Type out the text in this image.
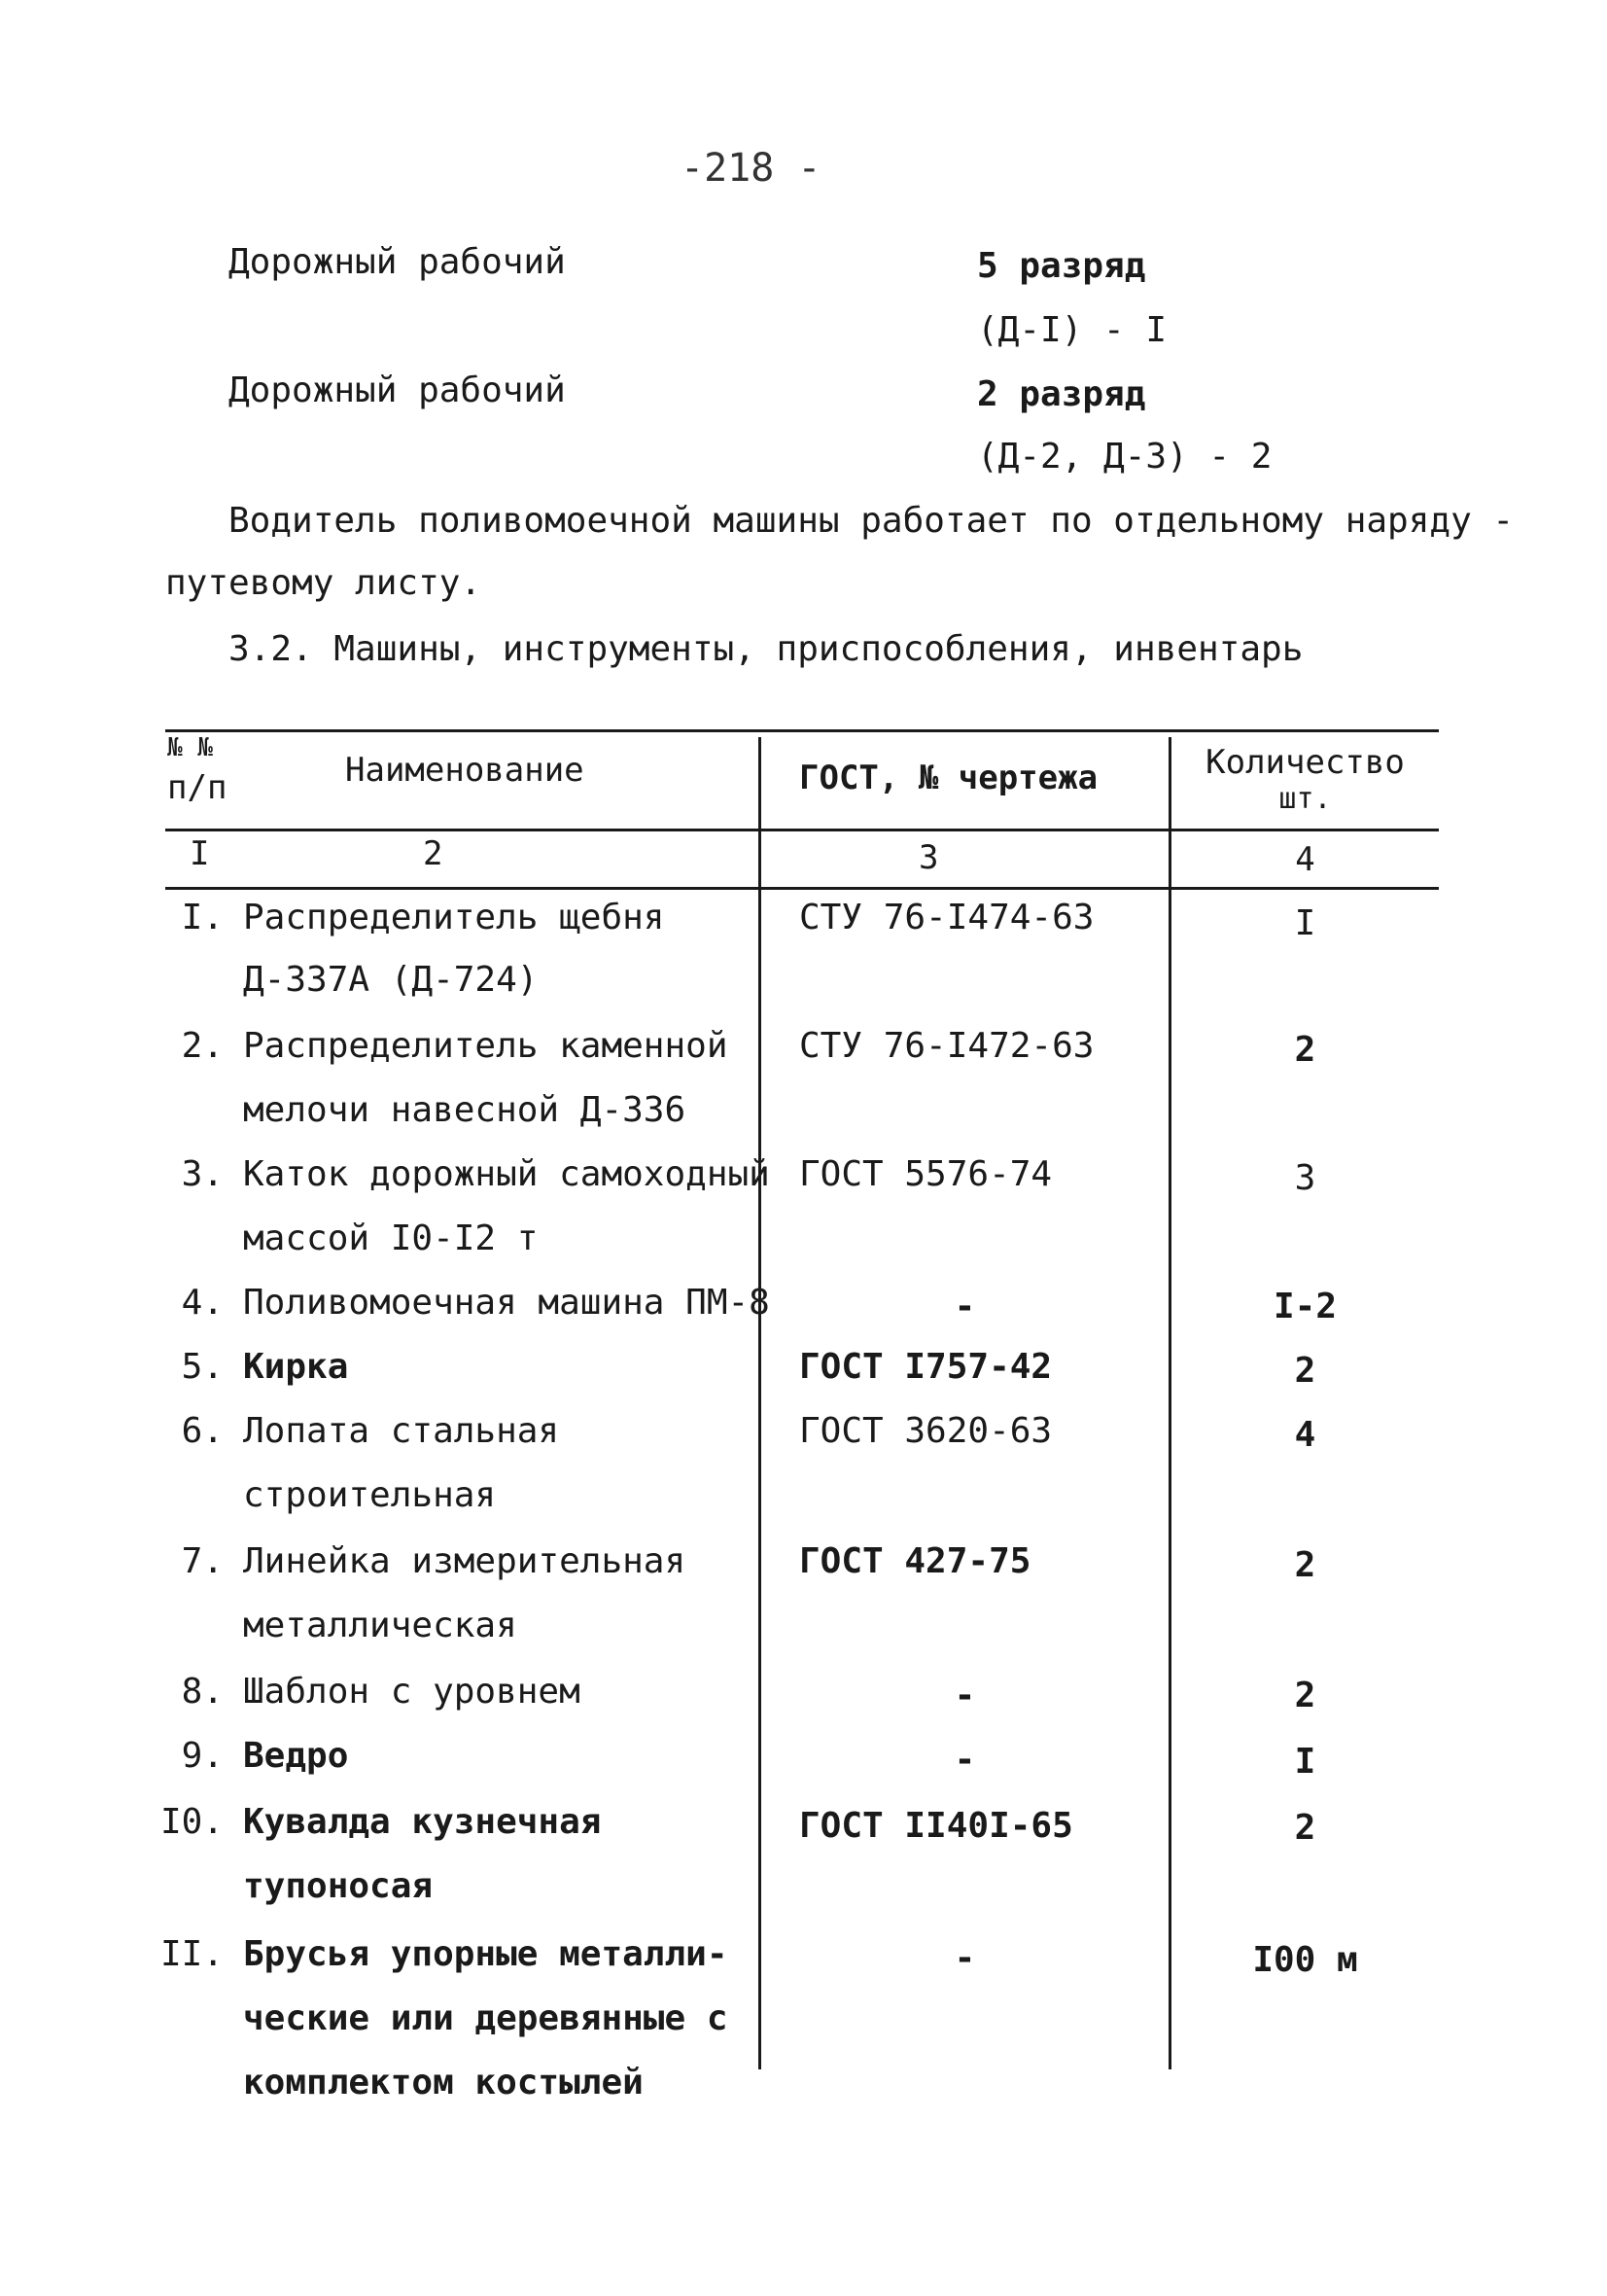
-218 -
Дорожный рабочий	5 разряд
(Д-I) - I
Дорожный рабочий	2 разряд
(Д-2, Д-3) - 2
Водитель поливомоечной машины работает по отдельному наряду -
путевому листу.
3.2. Машины, инструменты, приспособления, инвентарь
№ №
п/п	Наименование	ГОСТ, № чертежа	Количество
шт.
I	2	3	4
I. Распределитель щебня
Д-337А (Д-724)
СТУ 76-I474-63	I
2. Распределитель каменной
мелочи навесной Д-336
СТУ 76-I472-63	2
3. Каток дорожный самоходный
массой I0-I2 т
ГОСТ 5576-74	3
4. Поливомоечная машина ПМ-8	-	I-2
5. Кирка	ГОСТ I757-42	2
6. Лопата стальная
строительная
ГОСТ 3620-63	4
7. Линейка измерительная
металлическая
ГОСТ 427-75	2
8. Шаблон с уровнем	-	2
9. Ведро	-	I
I0. Кувалда кузнечная
тупоносая
ГОСТ II40I-65	2
II. Брусья упорные металли-
ческие или деревянные с
комплектом костылей
-	I00 м
